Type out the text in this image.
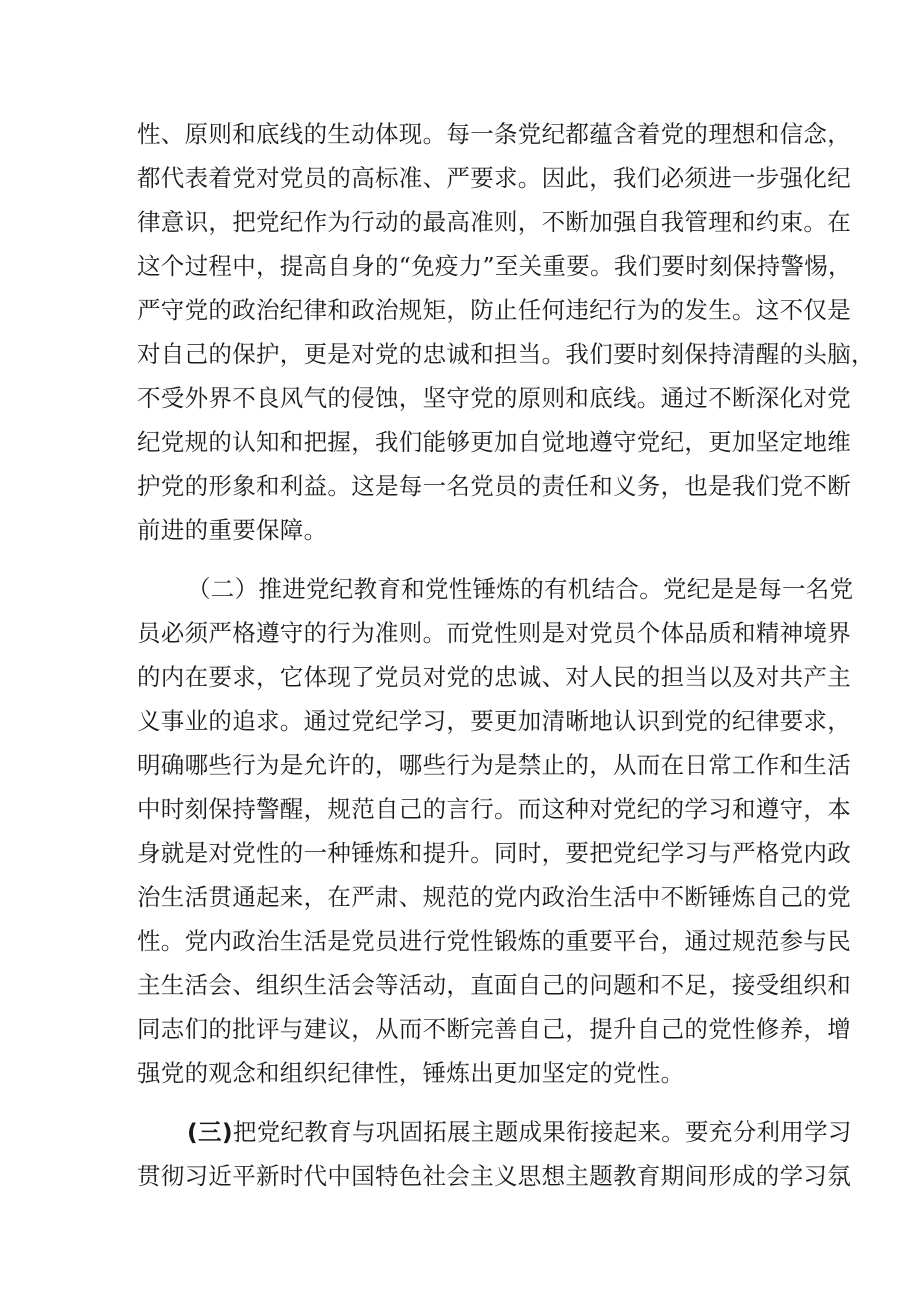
性、原则和底线的生动体现。每一条党纪都蕴含着党的理想和信念，
都代表着党对党员的高标准、严要求。因此，我们必须进一步强化纪
律意识，把党纪作为行动的最高准则，不断加强自我管理和约束。在
这个过程中，提高自身的“免疫力”至关重要。我们要时刻保持警惕，
严守党的政治纪律和政治规矩，防止任何违纪行为的发生。这不仅是
对自己的保护，更是对党的忠诚和担当。我们要时刻保持清醒的头脑，
不受外界不良风气的侵蚀，坚守党的原则和底线。通过不断深化对党
纪党规的认知和把握，我们能够更加自觉地遵守党纪，更加坚定地维
护党的形象和利益。这是每一名党员的责任和义务，也是我们党不断
前进的重要保障。
（二）推进党纪教育和党性锤炼的有机结合。党纪是是每一名党
员必须严格遵守的行为准则。而党性则是对党员个体品质和精神境界
的内在要求，它体现了党员对党的忠诚、对人民的担当以及对共产主
义事业的追求。通过党纪学习，要更加清晰地认识到党的纪律要求，
明确哪些行为是允许的，哪些行为是禁止的，从而在日常工作和生活
中时刻保持警醒，规范自己的言行。而这种对党纪的学习和遵守，本
身就是对党性的一种锤炼和提升。同时，要把党纪学习与严格党内政
治生活贯通起来，在严肃、规范的党内政治生活中不断锤炼自己的党
性。党内政治生活是党员进行党性锻炼的重要平台，通过规范参与民
主生活会、组织生活会等活动，直面自己的问题和不足，接受组织和
同志们的批评与建议，从而不断完善自己，提升自己的党性修养，增
强党的观念和组织纪律性，锤炼出更加坚定的党性。
(三)把党纪教育与巩固拓展主题成果衔接起来。要充分利用学习
贯彻习近平新时代中国特色社会主义思想主题教育期间形成的学习氛
